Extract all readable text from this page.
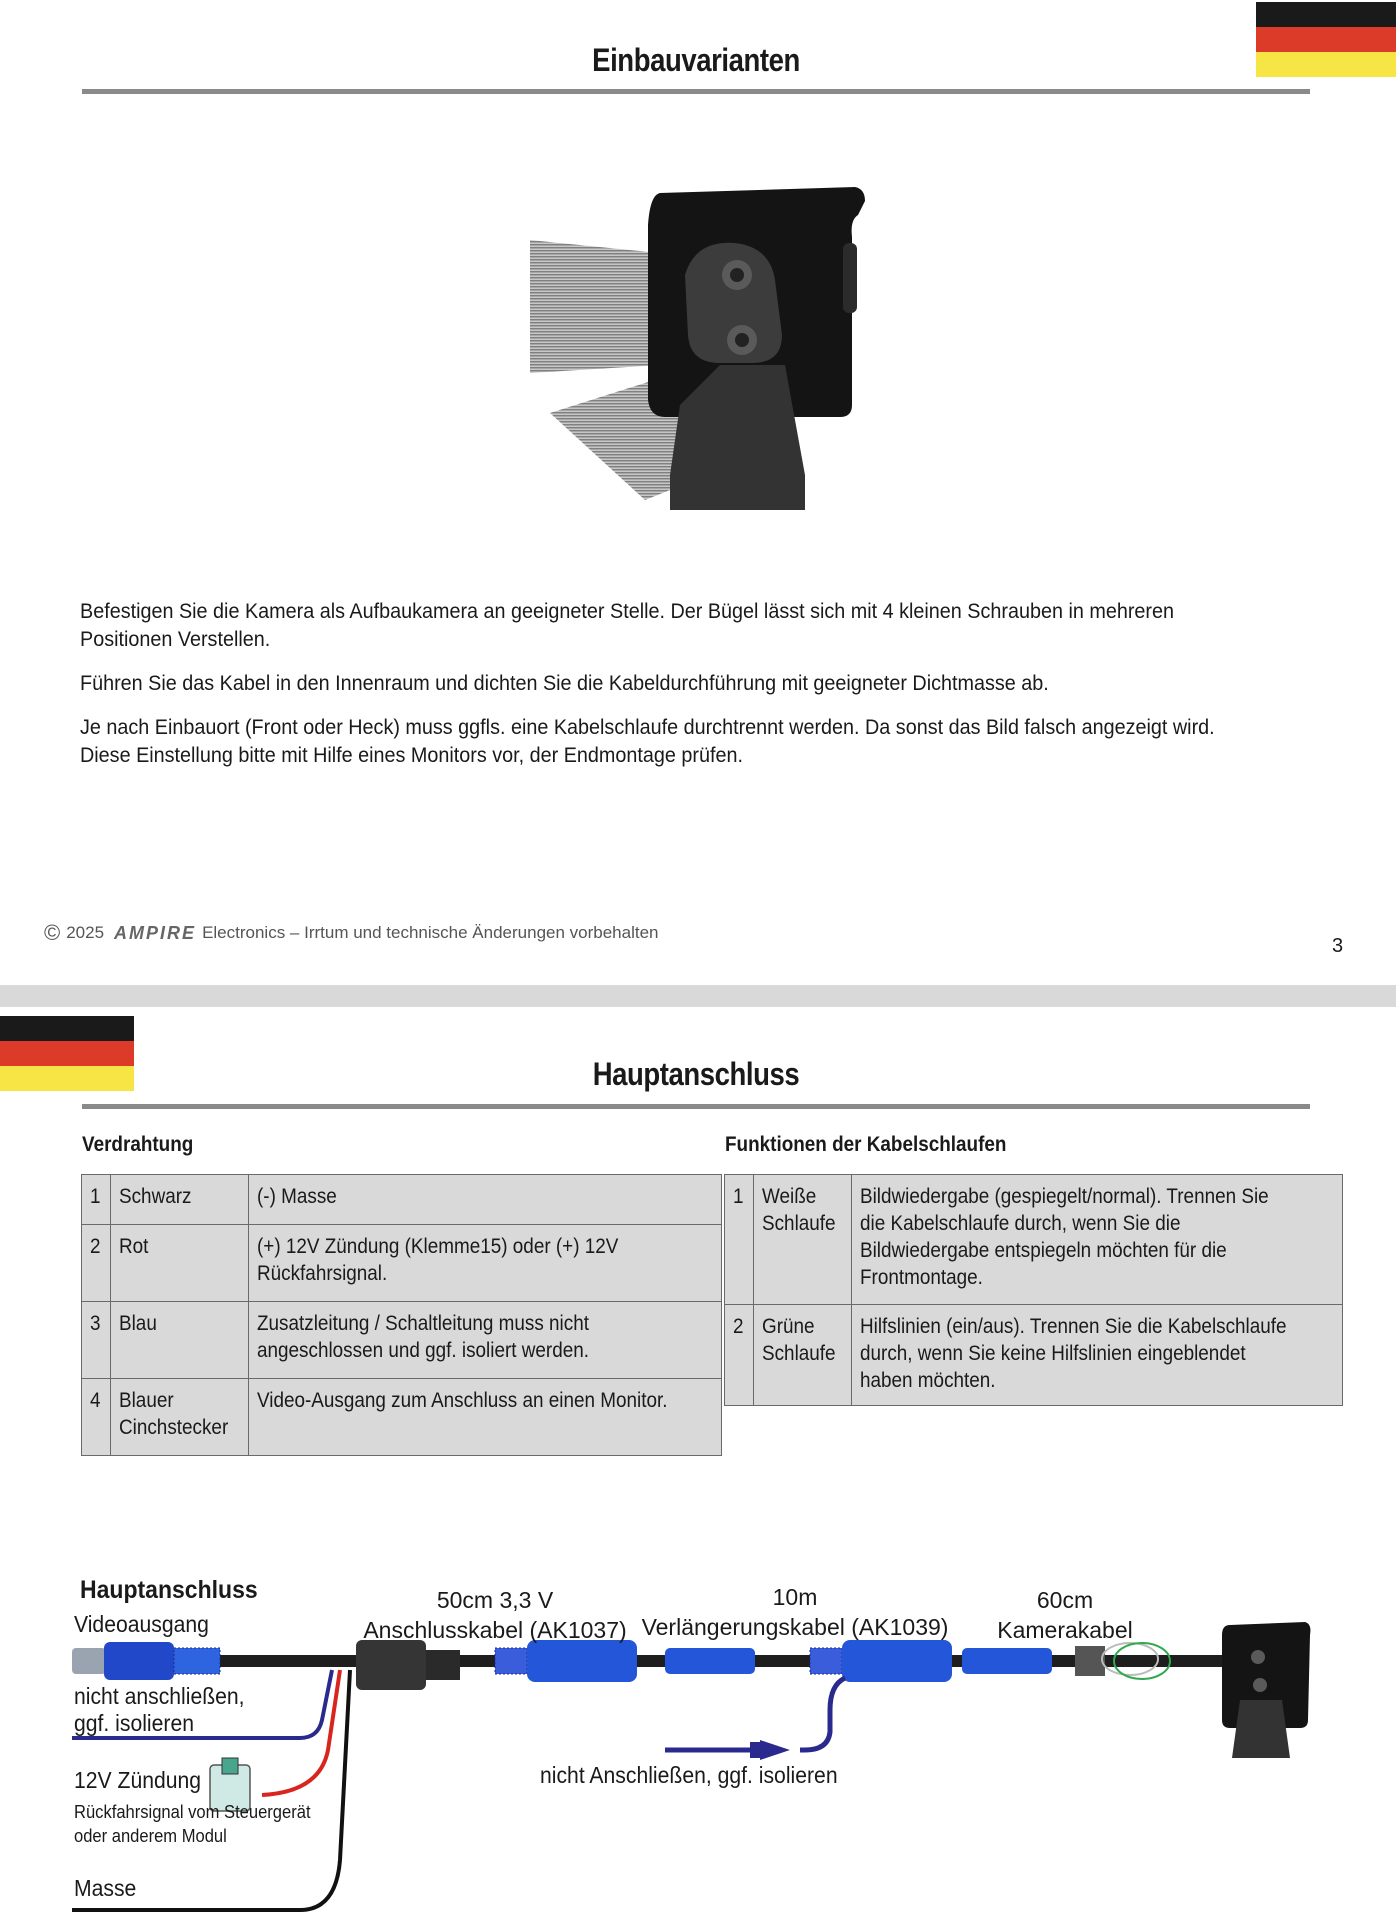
Einbauvarianten

Befestigen Sie die Kamera als Aufbaukamera an geeigneter Stelle. Der Bügel lässt sich mit 4 kleinen Schrauben in mehreren

Positionen Verstellen.

Führen Sie das Kabel in den Innenraum und dichten Sie die Kabeldurchführung mit geeigneter Dichtmasse ab.

Je nach Einbauort (Front oder Heck) muss ggfls. eine Kabelschlaufe durchtrennt werden. Da sonst das Bild falsch angezeigt wird.

Diese Einstellung bitte mit Hilfe eines Monitors vor, der Endmontage prüfen.

© 2025 AMPIRE Electronics – Irrtum und technische Änderungen vorbehalten
3
Hauptanschluss
Verdrahtung	Funktionen der Kabelschlaufen
1	Schwarz	(-) Masse
2	Rot	(+) 12V Zündung (Klemme15) oder (+) 12V
Rückfahrsignal.
3	Blau	Zusatzleitung / Schaltleitung muss nicht
angeschlossen und ggf. isoliert werden.
4	Blauer
Cinchstecker	Video-Ausgang zum Anschluss an einen Monitor.
1	Weiße
Schlaufe	Bildwiedergabe (gespiegelt/normal). Trennen Sie
die Kabelschlaufe durch, wenn Sie die
Bildwiedergabe entspiegeln möchten für die
Frontmontage.
2	Grüne
Schlaufe	Hilfslinien (ein/aus). Trennen Sie die Kabelschlaufe
durch, wenn Sie keine Hilfslinien eingeblendet
haben möchten.
Hauptanschluss
Videoausgang
nicht anschließen,
ggf. isolieren
12V Zündung
Rückfahrsignal vom Steuergerät
oder anderem Modul
Masse
50cm 3,3 V
Anschlusskabel (AK1037)
10m
Verlängerungskabel (AK1039)
60cm
Kamerakabel
nicht Anschließen, ggf. isolieren
